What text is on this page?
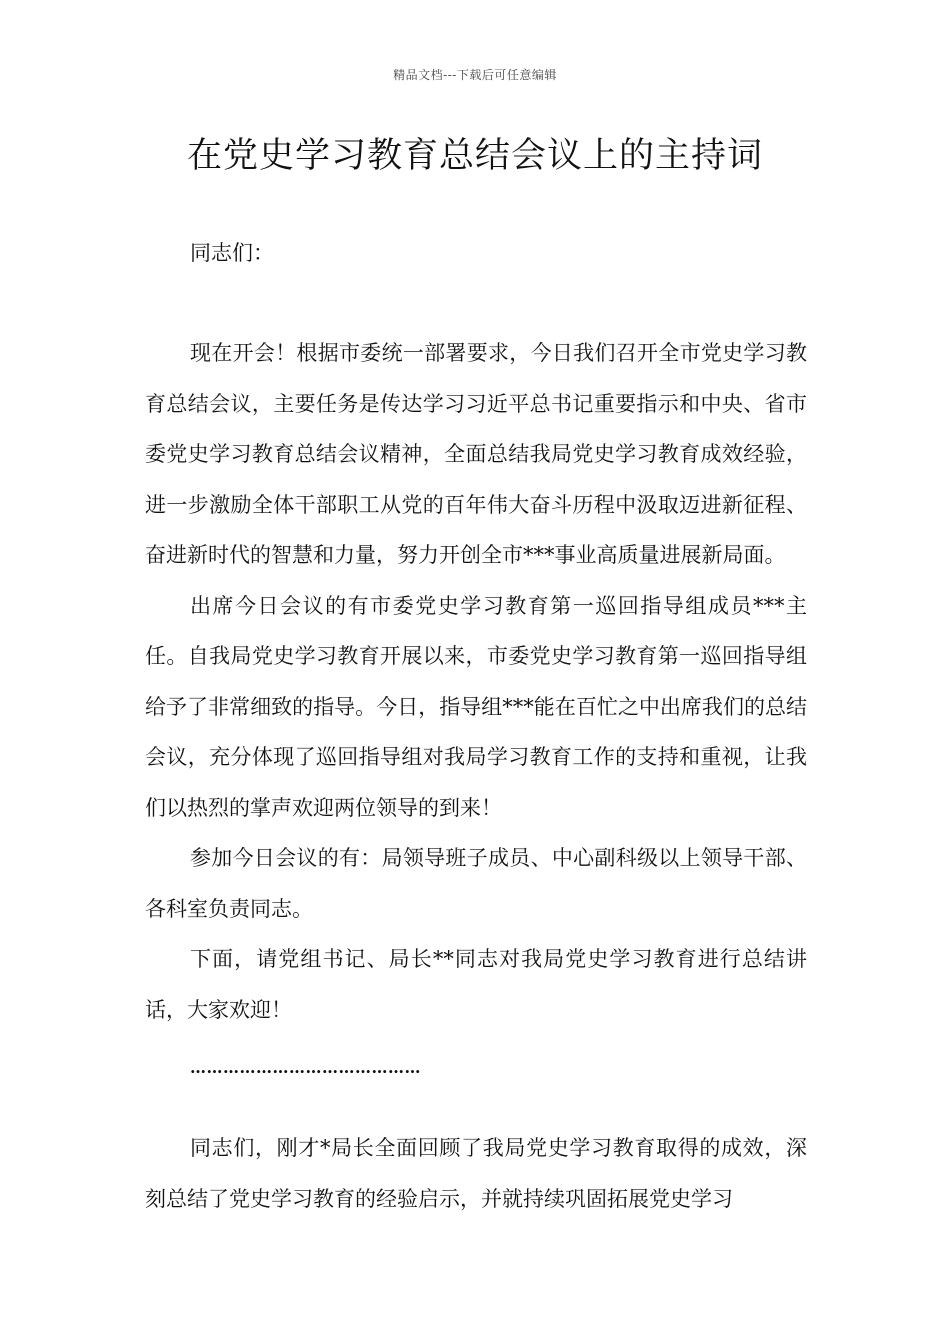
精品文档---下载后可任意编辑
在党史学习教育总结会议上的主持词
同志们：

现在开会！根据市委统一部署要求，今日我们召开全市党史学习教育总结会议，主要任务是传达学习习近平总书记重要指示和中央、省市委党史学习教育总结会议精神，全面总结我局党史学习教育成效经验，进一步激励全体干部职工从党的百年伟大奋斗历程中汲取迈进新征程、奋进新时代的智慧和力量，努力开创全市***事业高质量进展新局面。

出席今日会议的有市委党史学习教育第一巡回指导组成员***主任。自我局党史学习教育开展以来，市委党史学习教育第一巡回指导组给予了非常细致的指导。今日，指导组***能在百忙之中出席我们的总结会议，充分体现了巡回指导组对我局学习教育工作的支持和重视，让我们以热烈的掌声欢迎两位领导的到来！

参加今日会议的有：局领导班子成员、中心副科级以上领导干部、各科室负责同志。

下面，请党组书记、局长**同志对我局党史学习教育进行总结讲话，大家欢迎！

……………………………………

同志们，刚才*局长全面回顾了我局党史学习教育取得的成效，深刻总结了党史学习教育的经验启示，并就持续巩固拓展党史学习
